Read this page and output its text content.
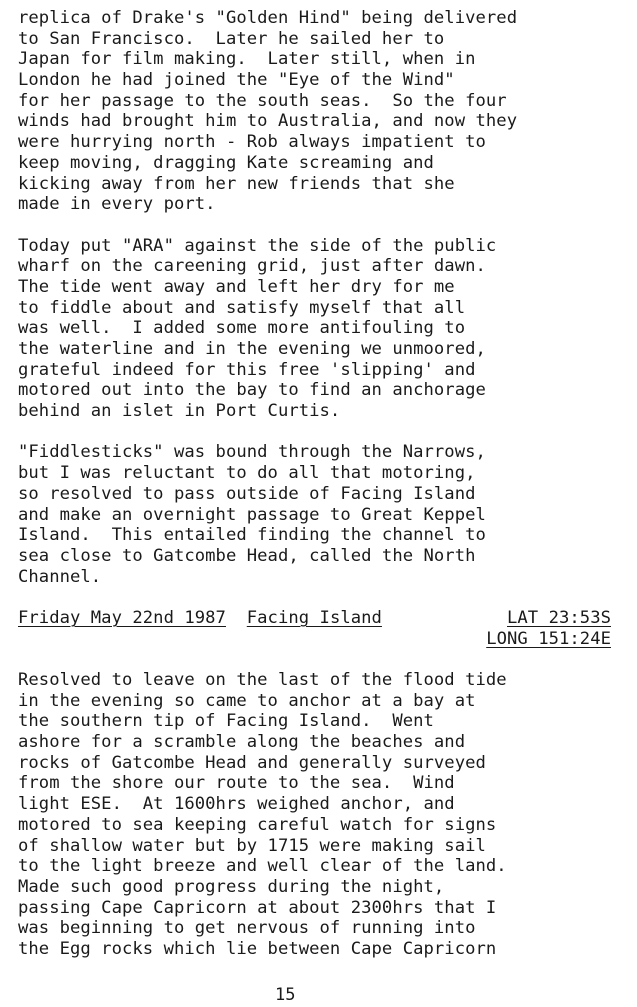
replica of Drake's "Golden Hind" being delivered
to San Francisco.  Later he sailed her to
Japan for film making.  Later still, when in
London he had joined the "Eye of the Wind"
for her passage to the south seas.  So the four
winds had brought him to Australia, and now they
were hurrying north - Rob always impatient to
keep moving, dragging Kate screaming and
kicking away from her new friends that she
made in every port.
Today put "ARA" against the side of the public
wharf on the careening grid, just after dawn.
The tide went away and left her dry for me
to fiddle about and satisfy myself that all
was well.  I added some more antifouling to
the waterline and in the evening we unmoored,
grateful indeed for this free 'slipping' and
motored out into the bay to find an anchorage
behind an islet in Port Curtis.
"Fiddlesticks" was bound through the Narrows,
but I was reluctant to do all that motoring,
so resolved to pass outside of Facing Island
and make an overnight passage to Great Keppel
Island.  This entailed finding the channel to
sea close to Gatcombe Head, called the North
Channel.

Friday May 22nd 1987 Facing Island

	LAT 23:53S

LONG 151:24E

Resolved to leave on the last of the flood tide
in the evening so came to anchor at a bay at
the southern tip of Facing Island.  Went
ashore for a scramble along the beaches and
rocks of Gatcombe Head and generally surveyed
from the shore our route to the sea.  Wind
light ESE.  At 1600hrs weighed anchor, and
motored to sea keeping careful watch for signs
of shallow water but by 1715 were making sail
to the light breeze and well clear of the land.
Made such good progress during the night,
passing Cape Capricorn at about 2300hrs that I
was beginning to get nervous of running into
the Egg rocks which lie between Cape Capricorn
15
